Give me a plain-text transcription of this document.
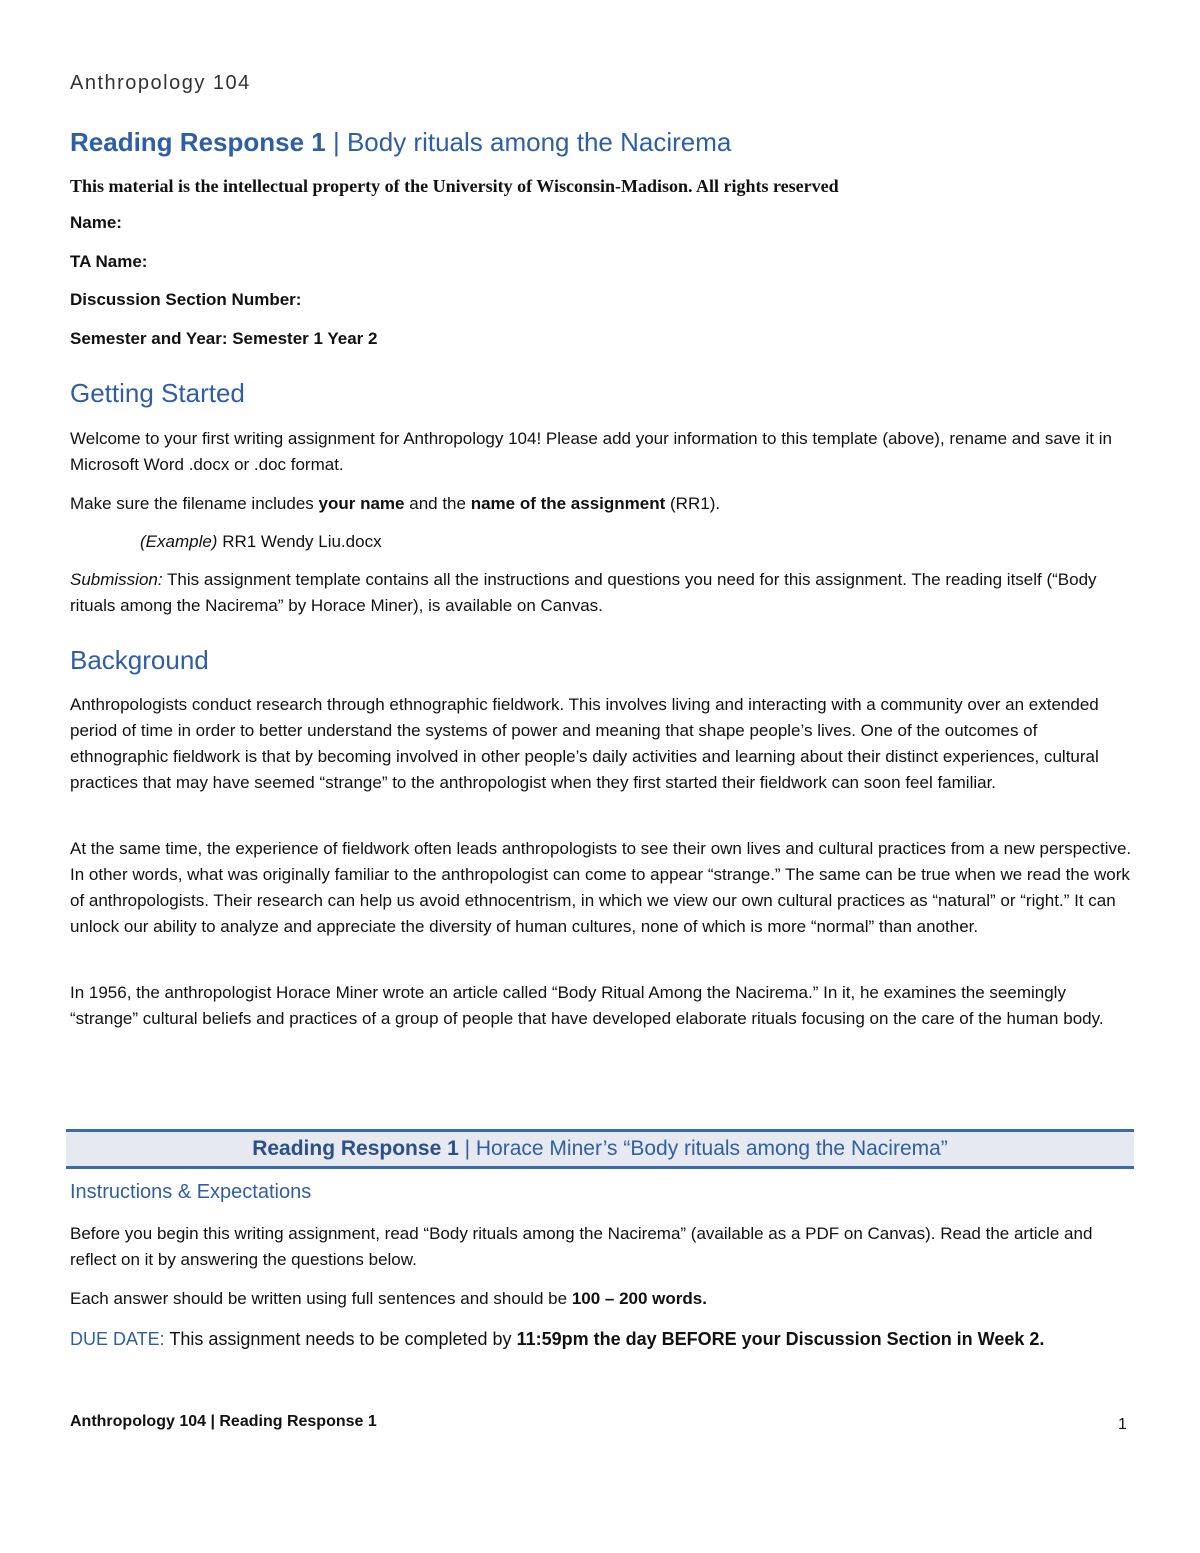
Anthropology 104
Reading Response 1 | Body rituals among the Nacirema
This material is the intellectual property of the University of Wisconsin-Madison. All rights reserved
Name:
TA Name:
Discussion Section Number:
Semester and Year: Semester 1 Year 2
Getting Started
Welcome to your first writing assignment for Anthropology 104! Please add your information to this template (above), rename and save it in Microsoft Word .docx or .doc format.
Make sure the filename includes your name and the name of the assignment (RR1).
(Example) RR1 Wendy Liu.docx
Submission: This assignment template contains all the instructions and questions you need for this assignment. The reading itself (“Body rituals among the Nacirema” by Horace Miner), is available on Canvas.
Background
Anthropologists conduct research through ethnographic fieldwork. This involves living and interacting with a community over an extended period of time in order to better understand the systems of power and meaning that shape people’s lives. One of the outcomes of ethnographic fieldwork is that by becoming involved in other people’s daily activities and learning about their distinct experiences, cultural practices that may have seemed “strange” to the anthropologist when they first started their fieldwork can soon feel familiar.
At the same time, the experience of fieldwork often leads anthropologists to see their own lives and cultural practices from a new perspective. In other words, what was originally familiar to the anthropologist can come to appear “strange.” The same can be true when we read the work of anthropologists. Their research can help us avoid ethnocentrism, in which we view our own cultural practices as “natural” or “right.” It can unlock our ability to analyze and appreciate the diversity of human cultures, none of which is more “normal” than another.
In 1956, the anthropologist Horace Miner wrote an article called “Body Ritual Among the Nacirema.” In it, he examines the seemingly “strange” cultural beliefs and practices of a group of people that have developed elaborate rituals focusing on the care of the human body.
Reading Response 1 | Horace Miner’s “Body rituals among the Nacirema”
Instructions & Expectations
Before you begin this writing assignment, read “Body rituals among the Nacirema” (available as a PDF on Canvas). Read the article and reflect on it by answering the questions below.
Each answer should be written using full sentences and should be 100 – 200 words.
DUE DATE: This assignment needs to be completed by 11:59pm the day BEFORE your Discussion Section in Week 2.
Anthropology 104 | Reading Response 1	1
